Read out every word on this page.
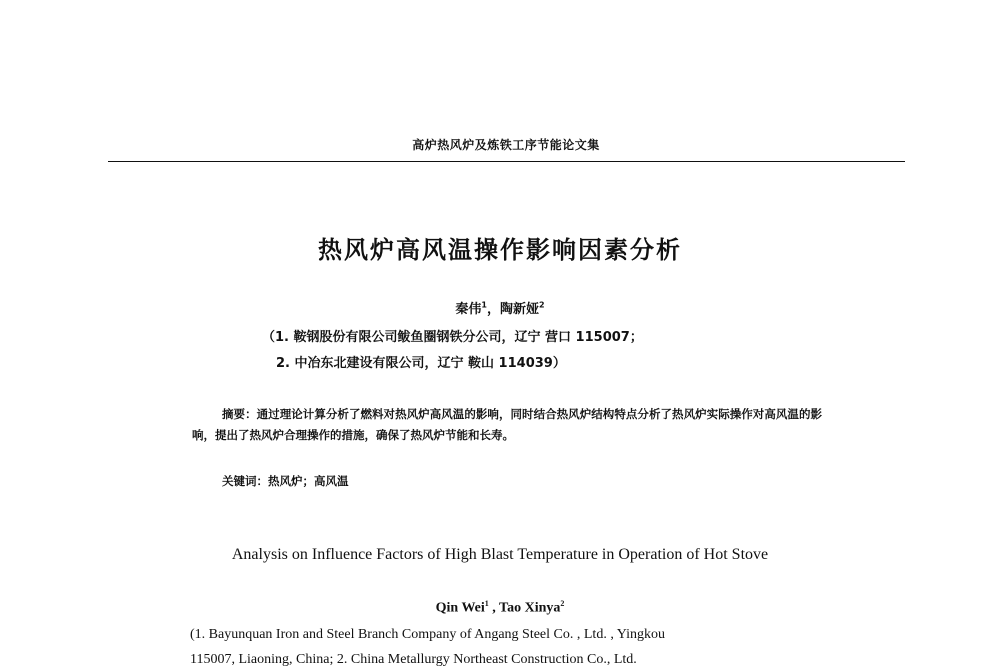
高炉热风炉及炼铁工序节能论文集
热风炉高风温操作影响因素分析
秦伟$^1$，陶新娅$^2$
（1. 鞍钢股份有限公司鲅鱼圈钢铁分公司，辽宁 营口 115007；
2. 中冶东北建设有限公司，辽宁 鞍山 114039）
摘要：通过理论计算分析了燃料对热风炉高风温的影响，同时结合热风炉结构特点分析了热风炉实际操作对高风温的影响，提出了热风炉合理操作的措施，确保了热风炉节能和长寿。
关键词：热风炉；高风温
Analysis on Influence Factors of High Blast Temperature in Operation of Hot Stove
Qin Wei$^1$ , Tao Xinya$^2$
(1. Bayunquan Iron and Steel Branch Company of Angang Steel Co. , Ltd. , Yingkou
115007, Liaoning, China; 2. China Metallurgy Northeast Construction Co., Ltd.
